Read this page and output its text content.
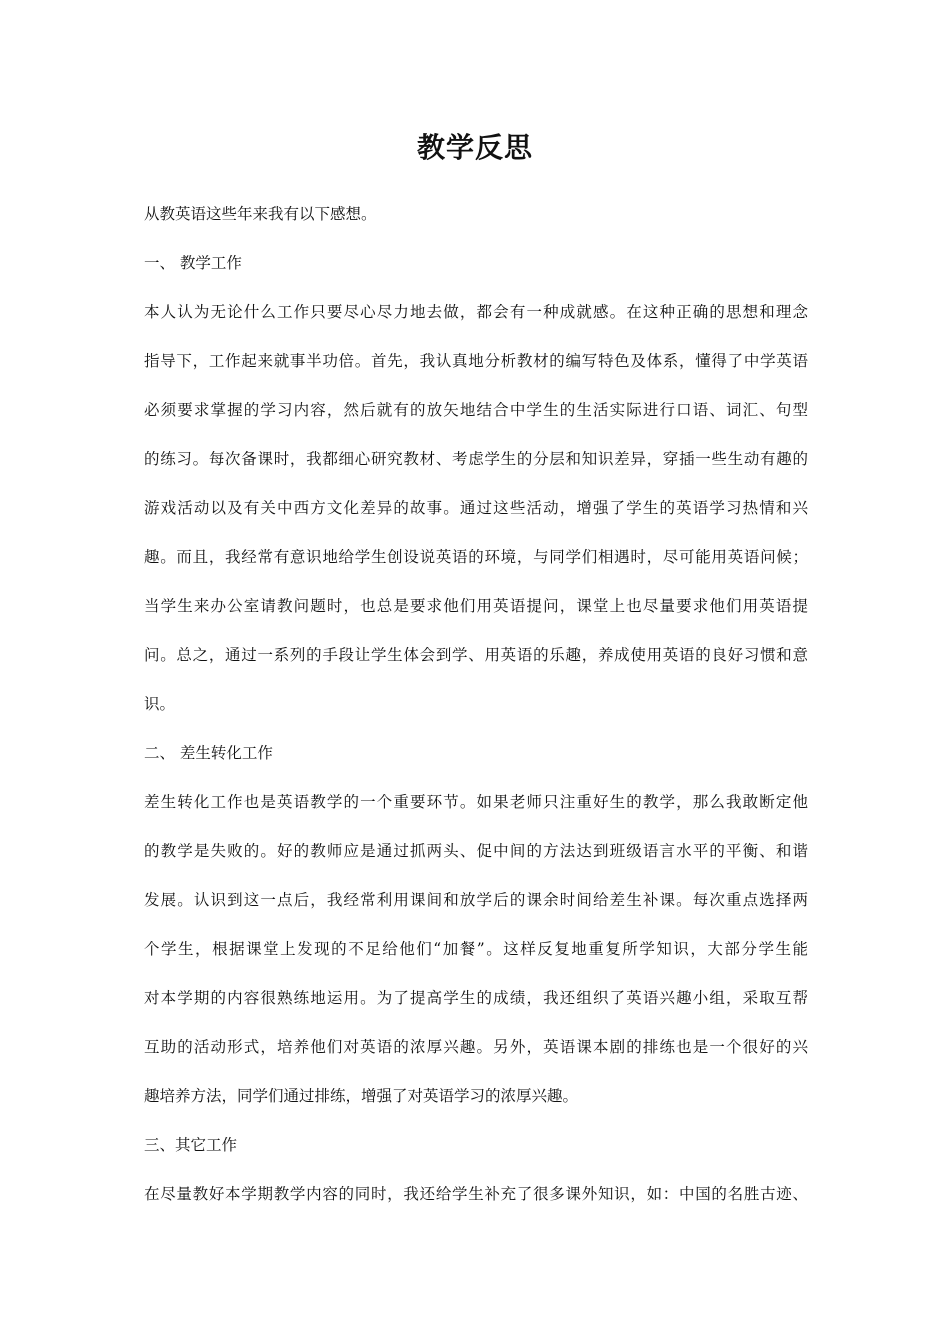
教学反思
从教英语这些年来我有以下感想。
一、 教学工作
本人认为无论什么工作只要尽心尽力地去做，都会有一种成就感。在这种正确的思想和理念
指导下，工作起来就事半功倍。首先，我认真地分析教材的编写特色及体系，懂得了中学英语
必须要求掌握的学习内容，然后就有的放矢地结合中学生的生活实际进行口语、词汇、句型
的练习。每次备课时，我都细心研究教材、考虑学生的分层和知识差异，穿插一些生动有趣的
游戏活动以及有关中西方文化差异的故事。通过这些活动，增强了学生的英语学习热情和兴
趣。而且，我经常有意识地给学生创设说英语的环境，与同学们相遇时，尽可能用英语问候；
当学生来办公室请教问题时，也总是要求他们用英语提问，课堂上也尽量要求他们用英语提
问。总之，通过一系列的手段让学生体会到学、用英语的乐趣，养成使用英语的良好习惯和意
识。
二、 差生转化工作
差生转化工作也是英语教学的一个重要环节。如果老师只注重好生的教学，那么我敢断定他
的教学是失败的。好的教师应是通过抓两头、促中间的方法达到班级语言水平的平衡、和谐
发展。认识到这一点后，我经常利用课间和放学后的课余时间给差生补课。每次重点选择两
个学生，根据课堂上发现的不足给他们“加餐”。这样反复地重复所学知识，大部分学生能
对本学期的内容很熟练地运用。为了提高学生的成绩，我还组织了英语兴趣小组，采取互帮
互助的活动形式，培养他们对英语的浓厚兴趣。另外，英语课本剧的排练也是一个很好的兴
趣培养方法，同学们通过排练，增强了对英语学习的浓厚兴趣。
三、其它工作
在尽量教好本学期教学内容的同时，我还给学生补充了很多课外知识，如：中国的名胜古迹、
